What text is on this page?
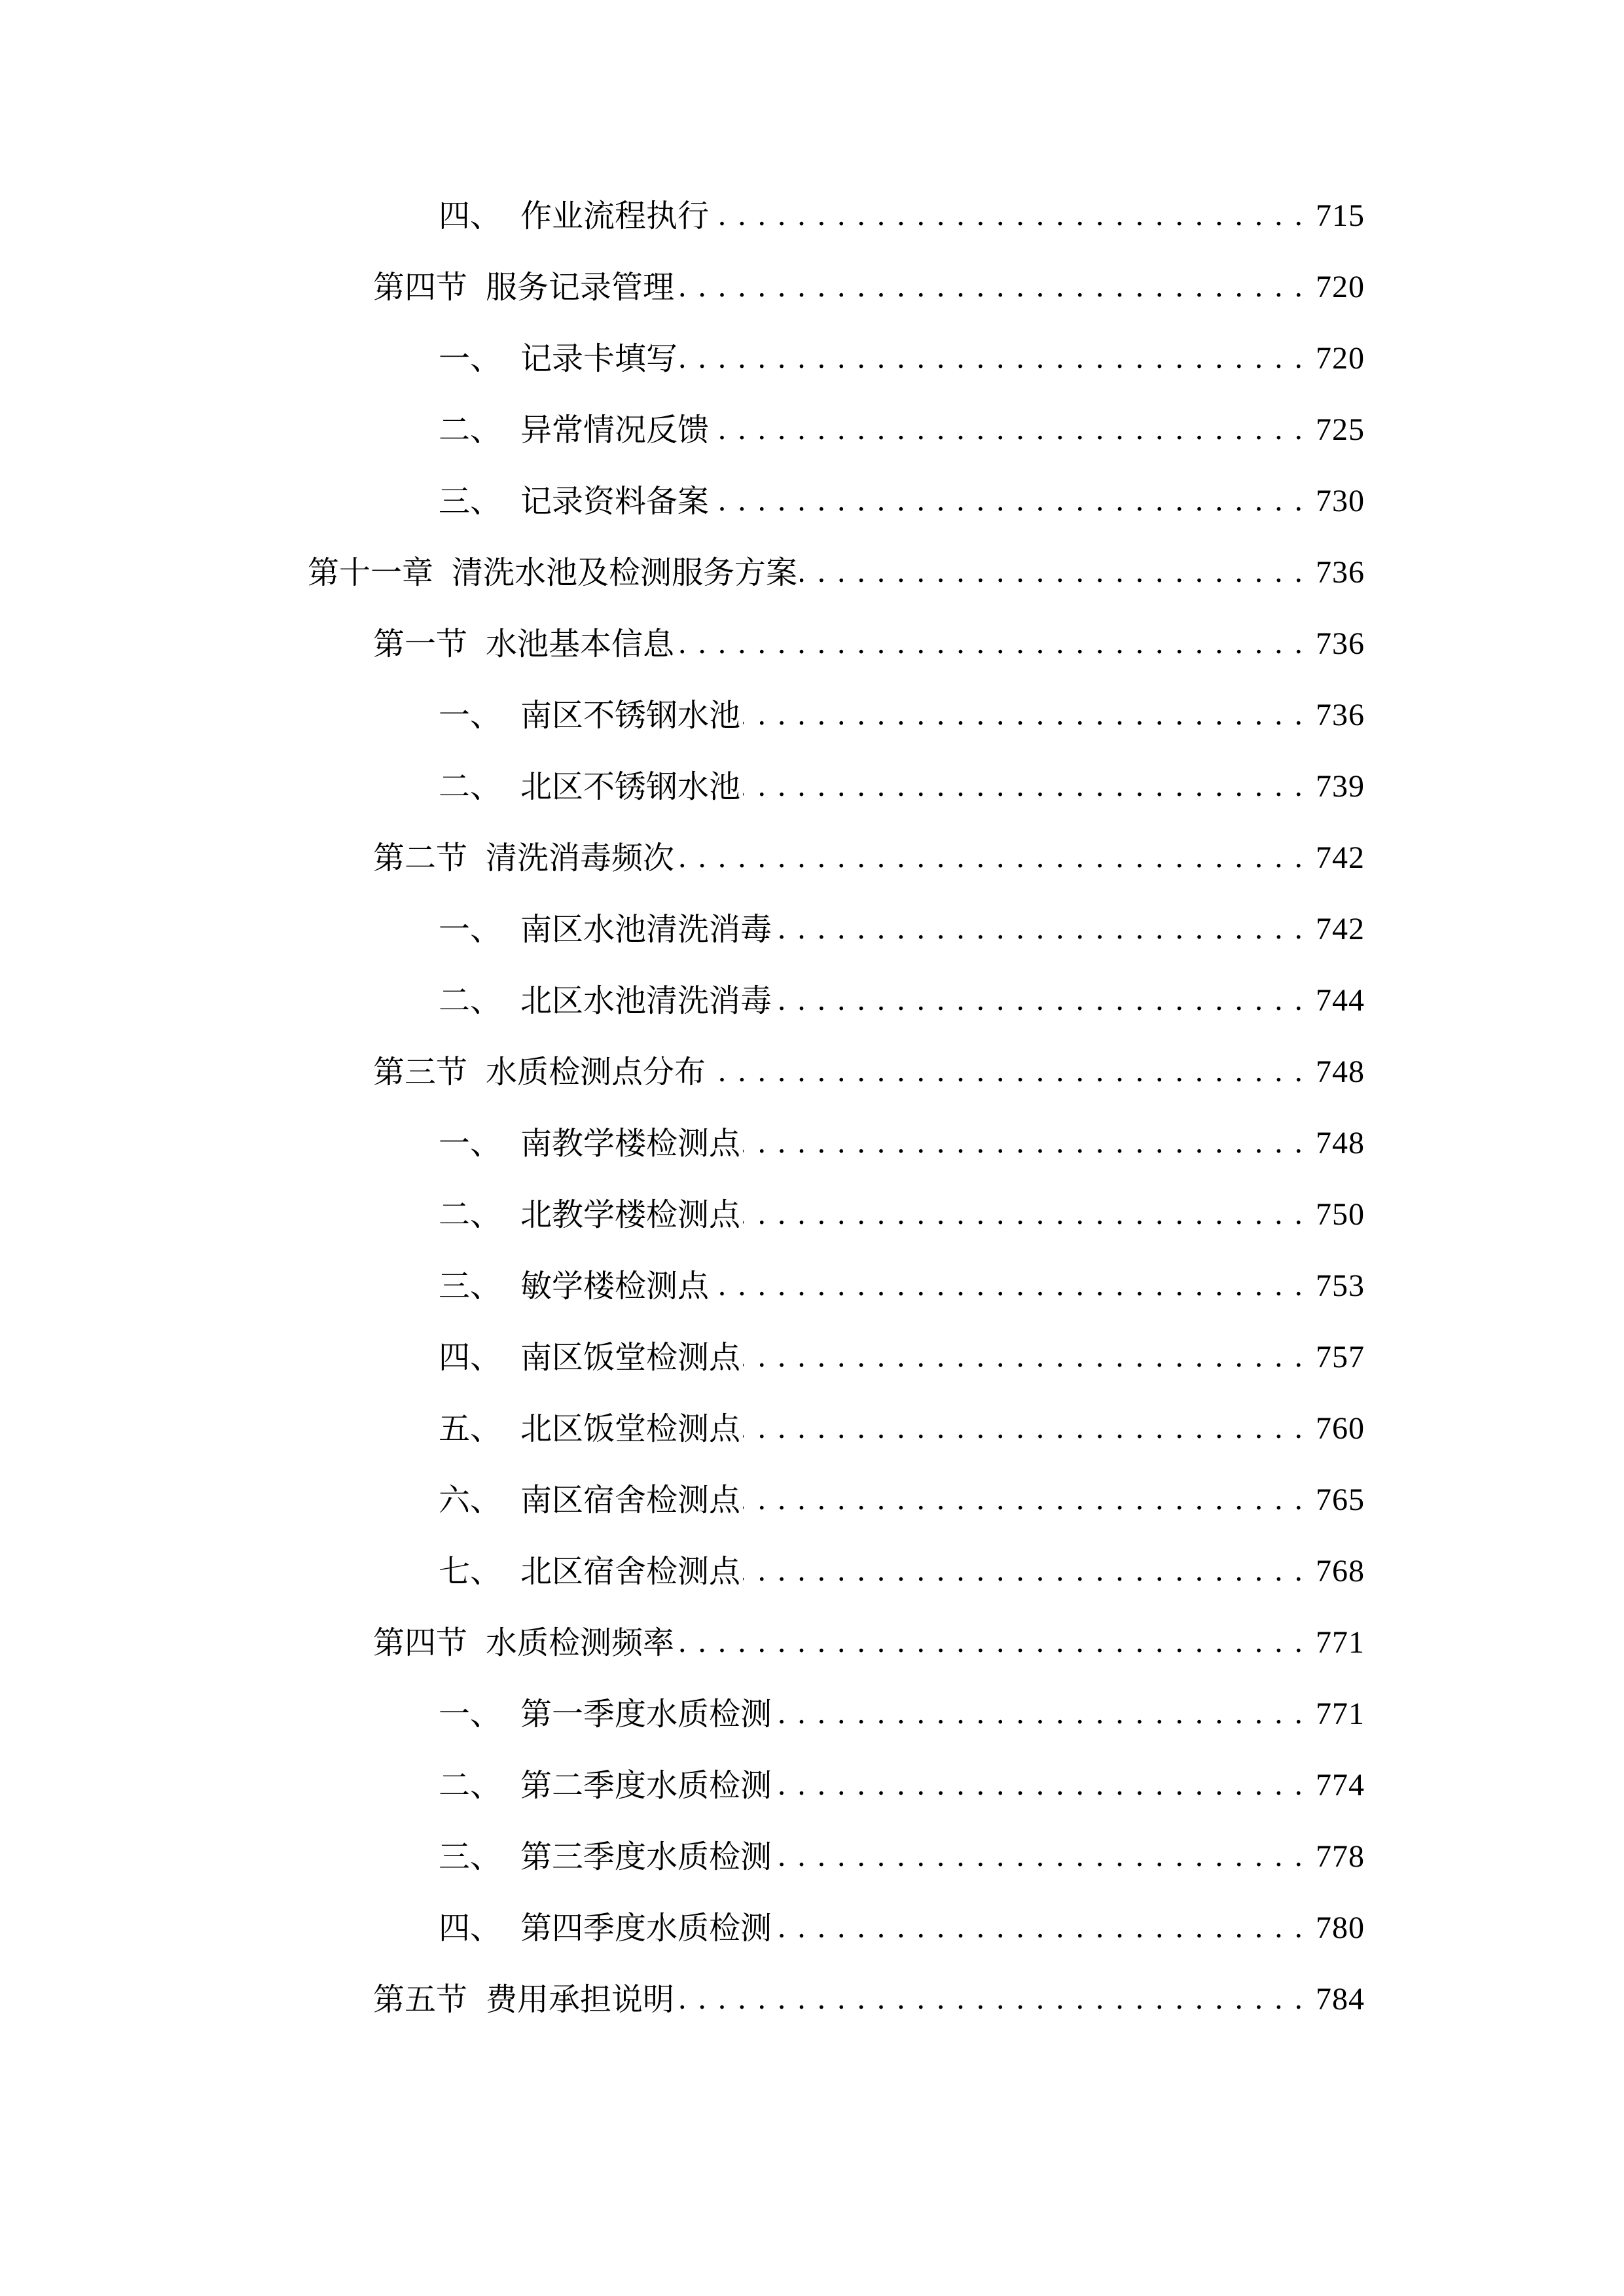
四、 作业流程执行 . . .	715
第四节 服务记录管理 . . .	720
一、 记录卡填写 . . .	720
二、 异常情况反馈 . . .	725
三、 记录资料备案 . . .	730
第十一章 清洗水池及检测服务方案 . . .	736
第一节 水池基本信息 . . .	736
一、 南区不锈钢水池 . . .	736
二、 北区不锈钢水池 . . .	739
第二节 清洗消毒频次 . . .	742
一、 南区水池清洗消毒 . . .	742
二、 北区水池清洗消毒 . . .	744
第三节 水质检测点分布 . . .	748
一、 南教学楼检测点 . . .	748
二、 北教学楼检测点 . . .	750
三、 敏学楼检测点 . . .	753
四、 南区饭堂检测点 . . .	757
五、 北区饭堂检测点 . . .	760
六、 南区宿舍检测点 . . .	765
七、 北区宿舍检测点 . . .	768
第四节 水质检测频率 . . .	771
一、 第一季度水质检测 . . .	771
二、 第二季度水质检测 . . .	774
三、 第三季度水质检测 . . .	778
四、 第四季度水质检测 . . .	780
第五节 费用承担说明 . . .	784
